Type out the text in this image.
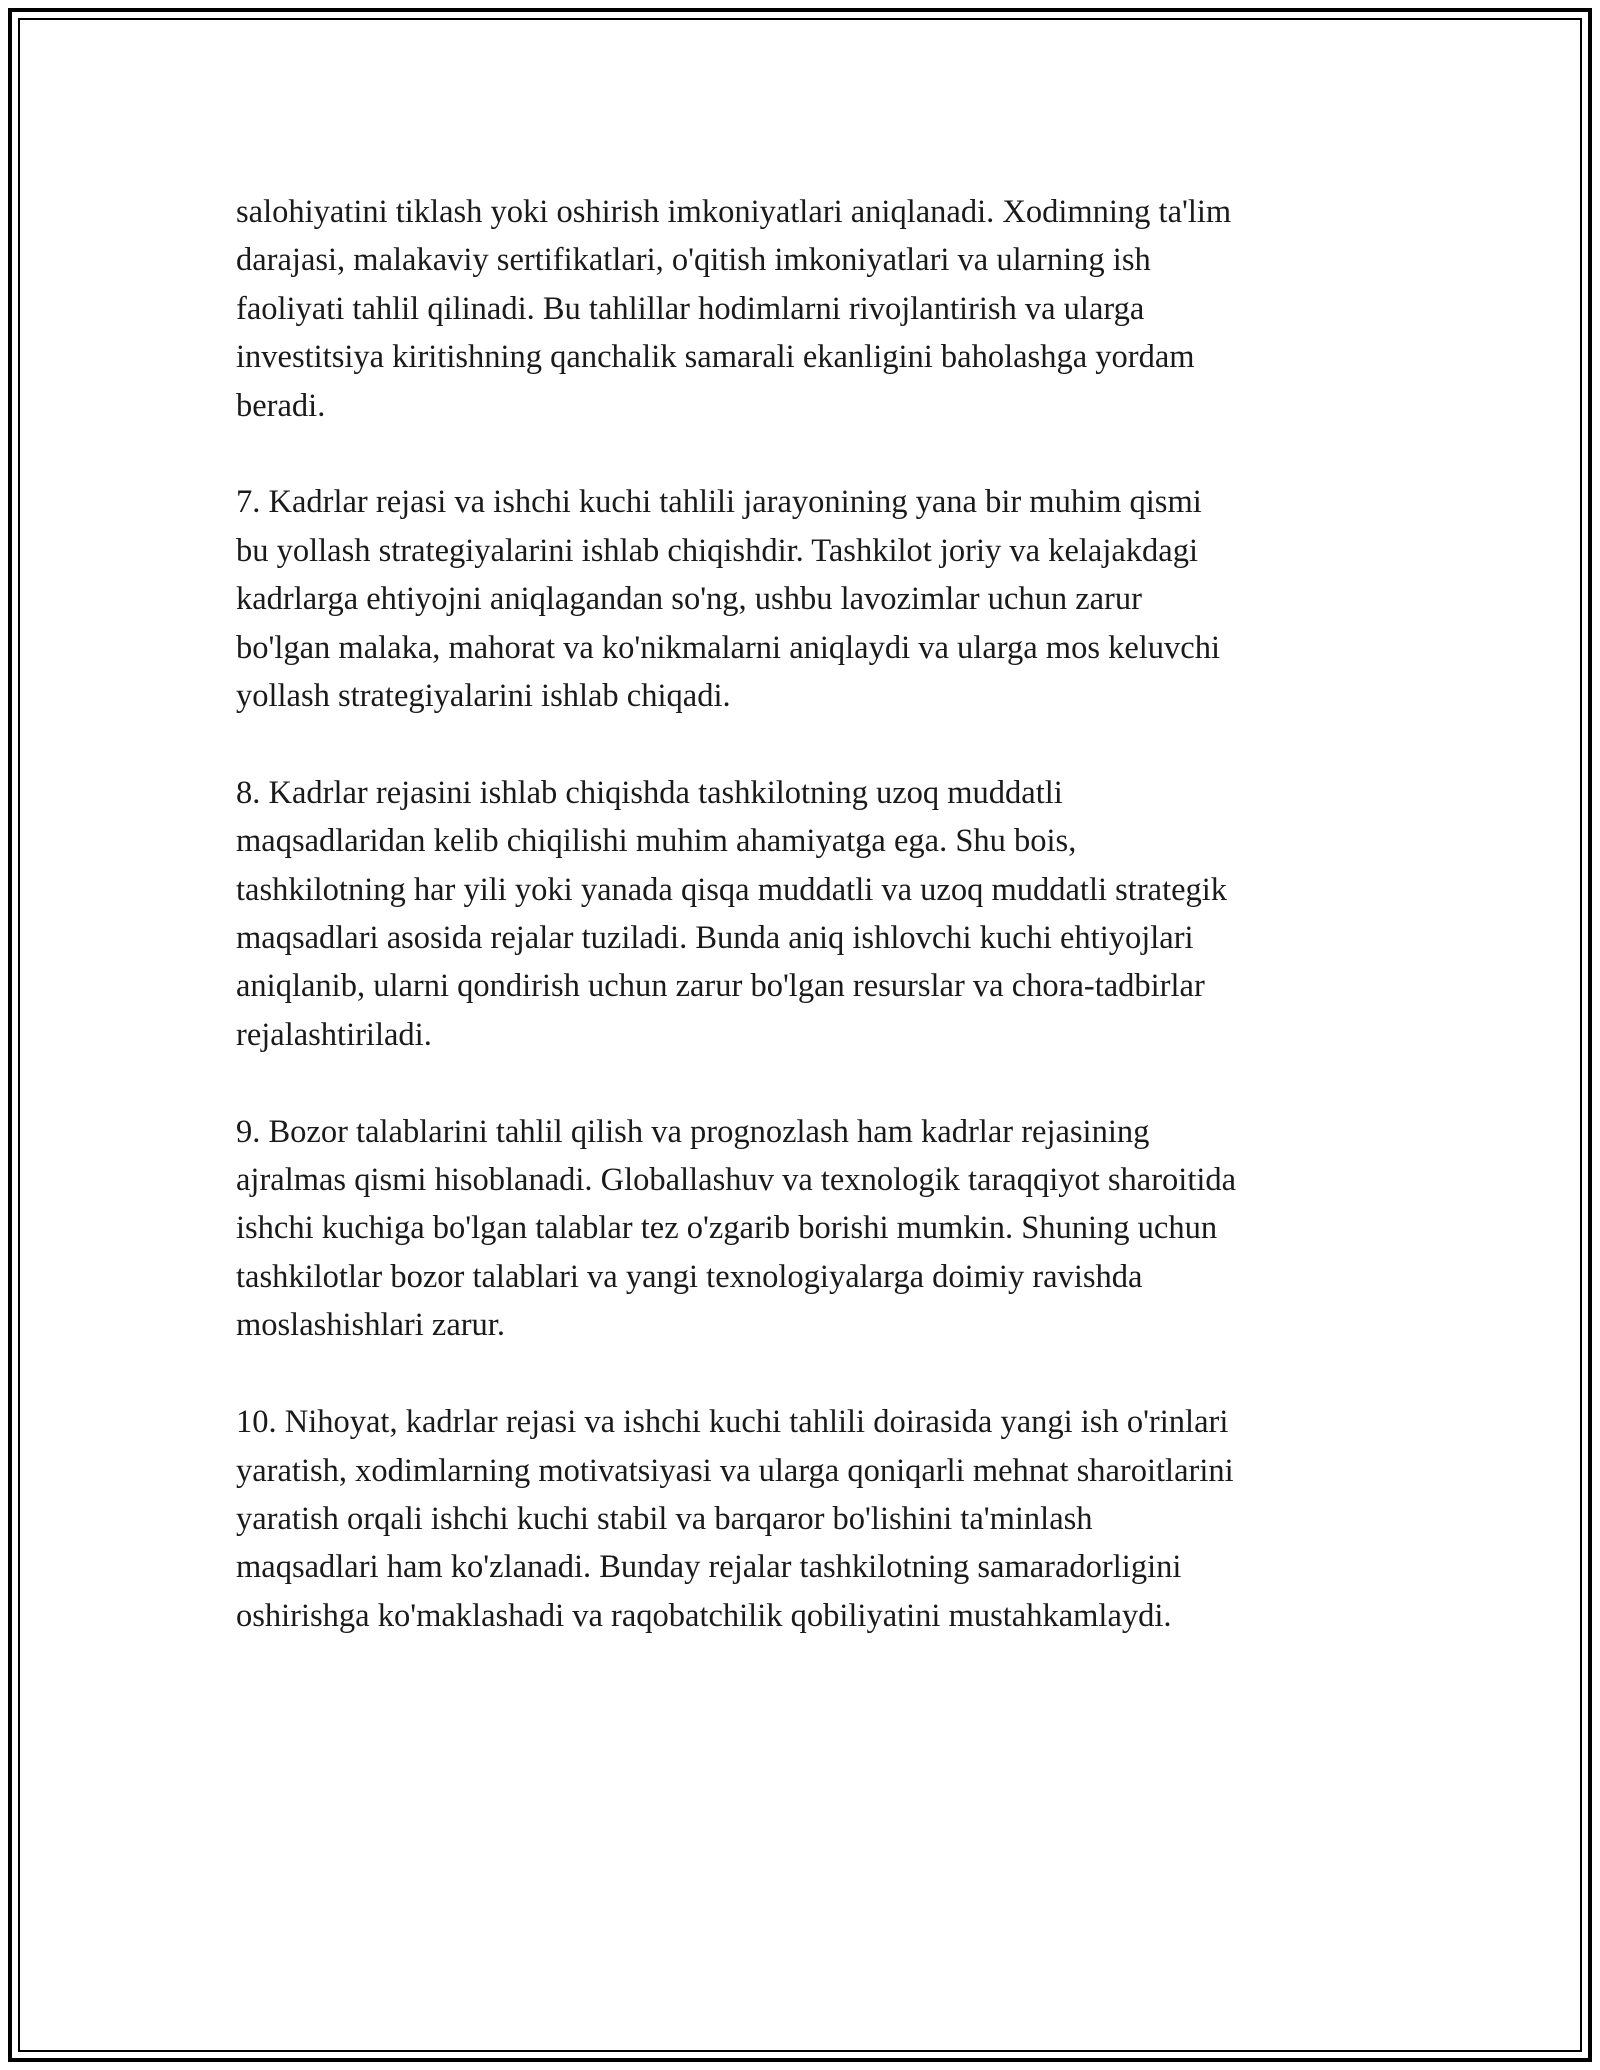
salohiyatini tiklash yoki oshirish imkoniyatlari aniqlanadi. Xodimning ta'lim
darajasi, malakaviy sertifikatlari, o'qitish imkoniyatlari va ularning ish
faoliyati tahlil qilinadi. Bu tahlillar hodimlarni rivojlantirish va ularga
investitsiya kiritishning qanchalik samarali ekanligini baholashga yordam
beradi.

7. Kadrlar rejasi va ishchi kuchi tahlili jarayonining yana bir muhim qismi
bu yollash strategiyalarini ishlab chiqishdir. Tashkilot joriy va kelajakdagi
kadrlarga ehtiyojni aniqlagandan so'ng, ushbu lavozimlar uchun zarur
bo'lgan malaka, mahorat va ko'nikmalarni aniqlaydi va ularga mos keluvchi
yollash strategiyalarini ishlab chiqadi.

8. Kadrlar rejasini ishlab chiqishda tashkilotning uzoq muddatli
maqsadlaridan kelib chiqilishi muhim ahamiyatga ega. Shu bois,
tashkilotning har yili yoki yanada qisqa muddatli va uzoq muddatli strategik
maqsadlari asosida rejalar tuziladi. Bunda aniq ishlovchi kuchi ehtiyojlari
aniqlanib, ularni qondirish uchun zarur bo'lgan resurslar va chora-tadbirlar
rejalashtiriladi.

9. Bozor talablarini tahlil qilish va prognozlash ham kadrlar rejasining
ajralmas qismi hisoblanadi. Globallashuv va texnologik taraqqiyot sharoitida
ishchi kuchiga bo'lgan talablar tez o'zgarib borishi mumkin. Shuning uchun
tashkilotlar bozor talablari va yangi texnologiyalarga doimiy ravishda
moslashishlari zarur.

10. Nihoyat, kadrlar rejasi va ishchi kuchi tahlili doirasida yangi ish o'rinlari
yaratish, xodimlarning motivatsiyasi va ularga qoniqarli mehnat sharoitlarini
yaratish orqali ishchi kuchi stabil va barqaror bo'lishini ta'minlash
maqsadlari ham ko'zlanadi. Bunday rejalar tashkilotning samaradorligini
oshirishga ko'maklashadi va raqobatchilik qobiliyatini mustahkamlaydi.
